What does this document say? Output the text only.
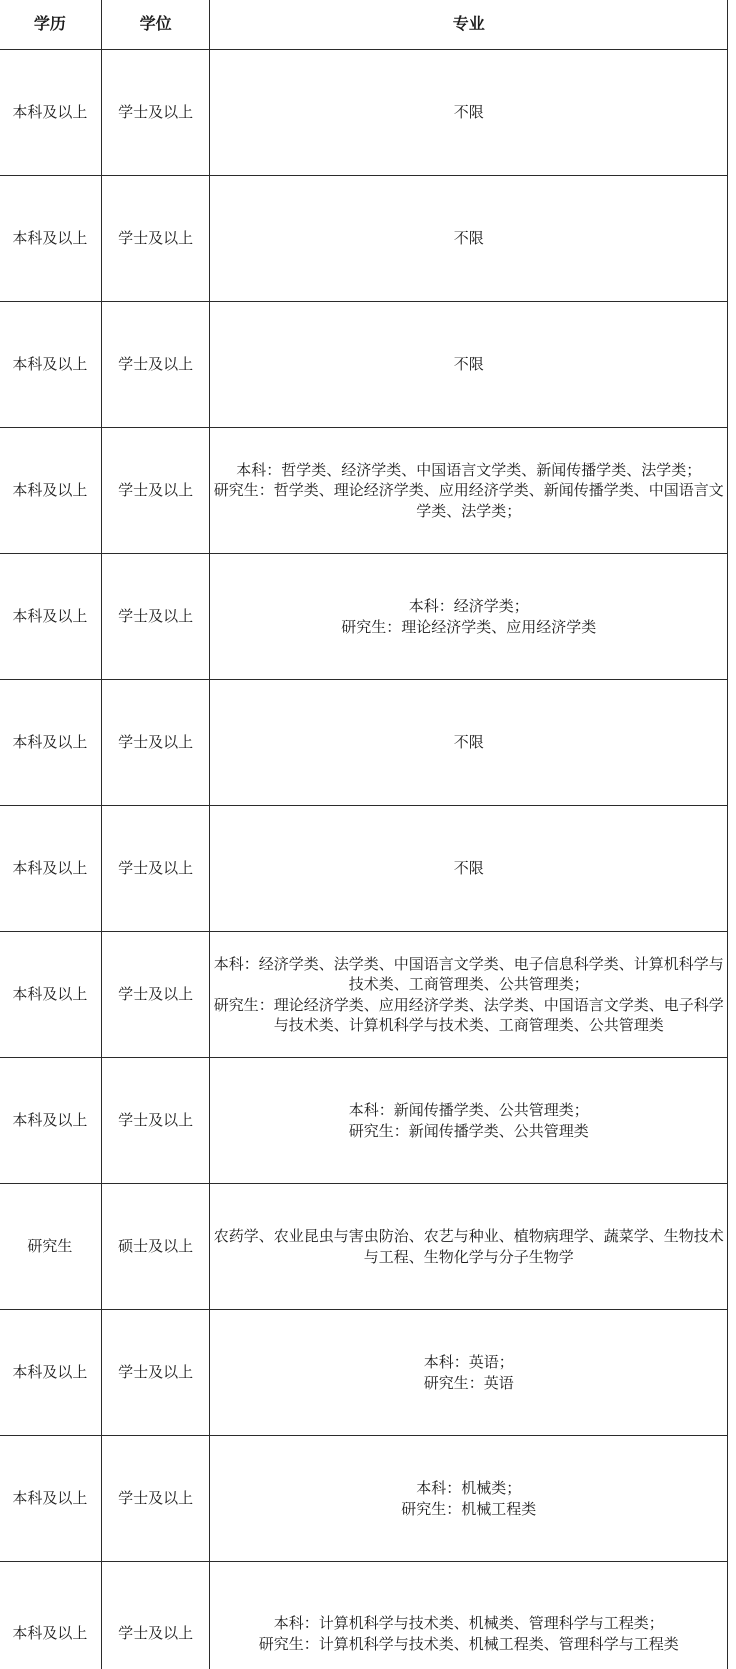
学历	学位	专业
本科及以上	学士及以上	不限

本科及以上	学士及以上	不限

本科及以上	学士及以上	不限

本科及以上	学士及以上	本科：哲学类、经济学类、中国语言文学类、新闻传播学类、法学类；
研究生：哲学类、理论经济学类、应用经济学类、新闻传播学类、中国语言文学类、法学类；

本科及以上	学士及以上	本科：经济学类；
研究生：理论经济学类、应用经济学类

本科及以上	学士及以上	不限

本科及以上	学士及以上	不限

本科及以上	学士及以上	本科：经济学类、法学类、中国语言文学类、电子信息科学类、计算机科学与技术类、工商管理类、公共管理类；
研究生：理论经济学类、应用经济学类、法学类、中国语言文学类、电子科学与技术类、计算机科学与技术类、工商管理类、公共管理类

本科及以上	学士及以上	本科：新闻传播学类、公共管理类；
研究生：新闻传播学类、公共管理类

研究生	硕士及以上	农药学、农业昆虫与害虫防治、农艺与种业、植物病理学、蔬菜学、生物技术与工程、生物化学与分子生物学

本科及以上	学士及以上	本科：英语；
研究生：英语

本科及以上	学士及以上	本科：机械类；
研究生：机械工程类

本科及以上	学士及以上	本科：计算机科学与技术类、机械类、管理科学与工程类；
研究生：计算机科学与技术类、机械工程类、管理科学与工程类
